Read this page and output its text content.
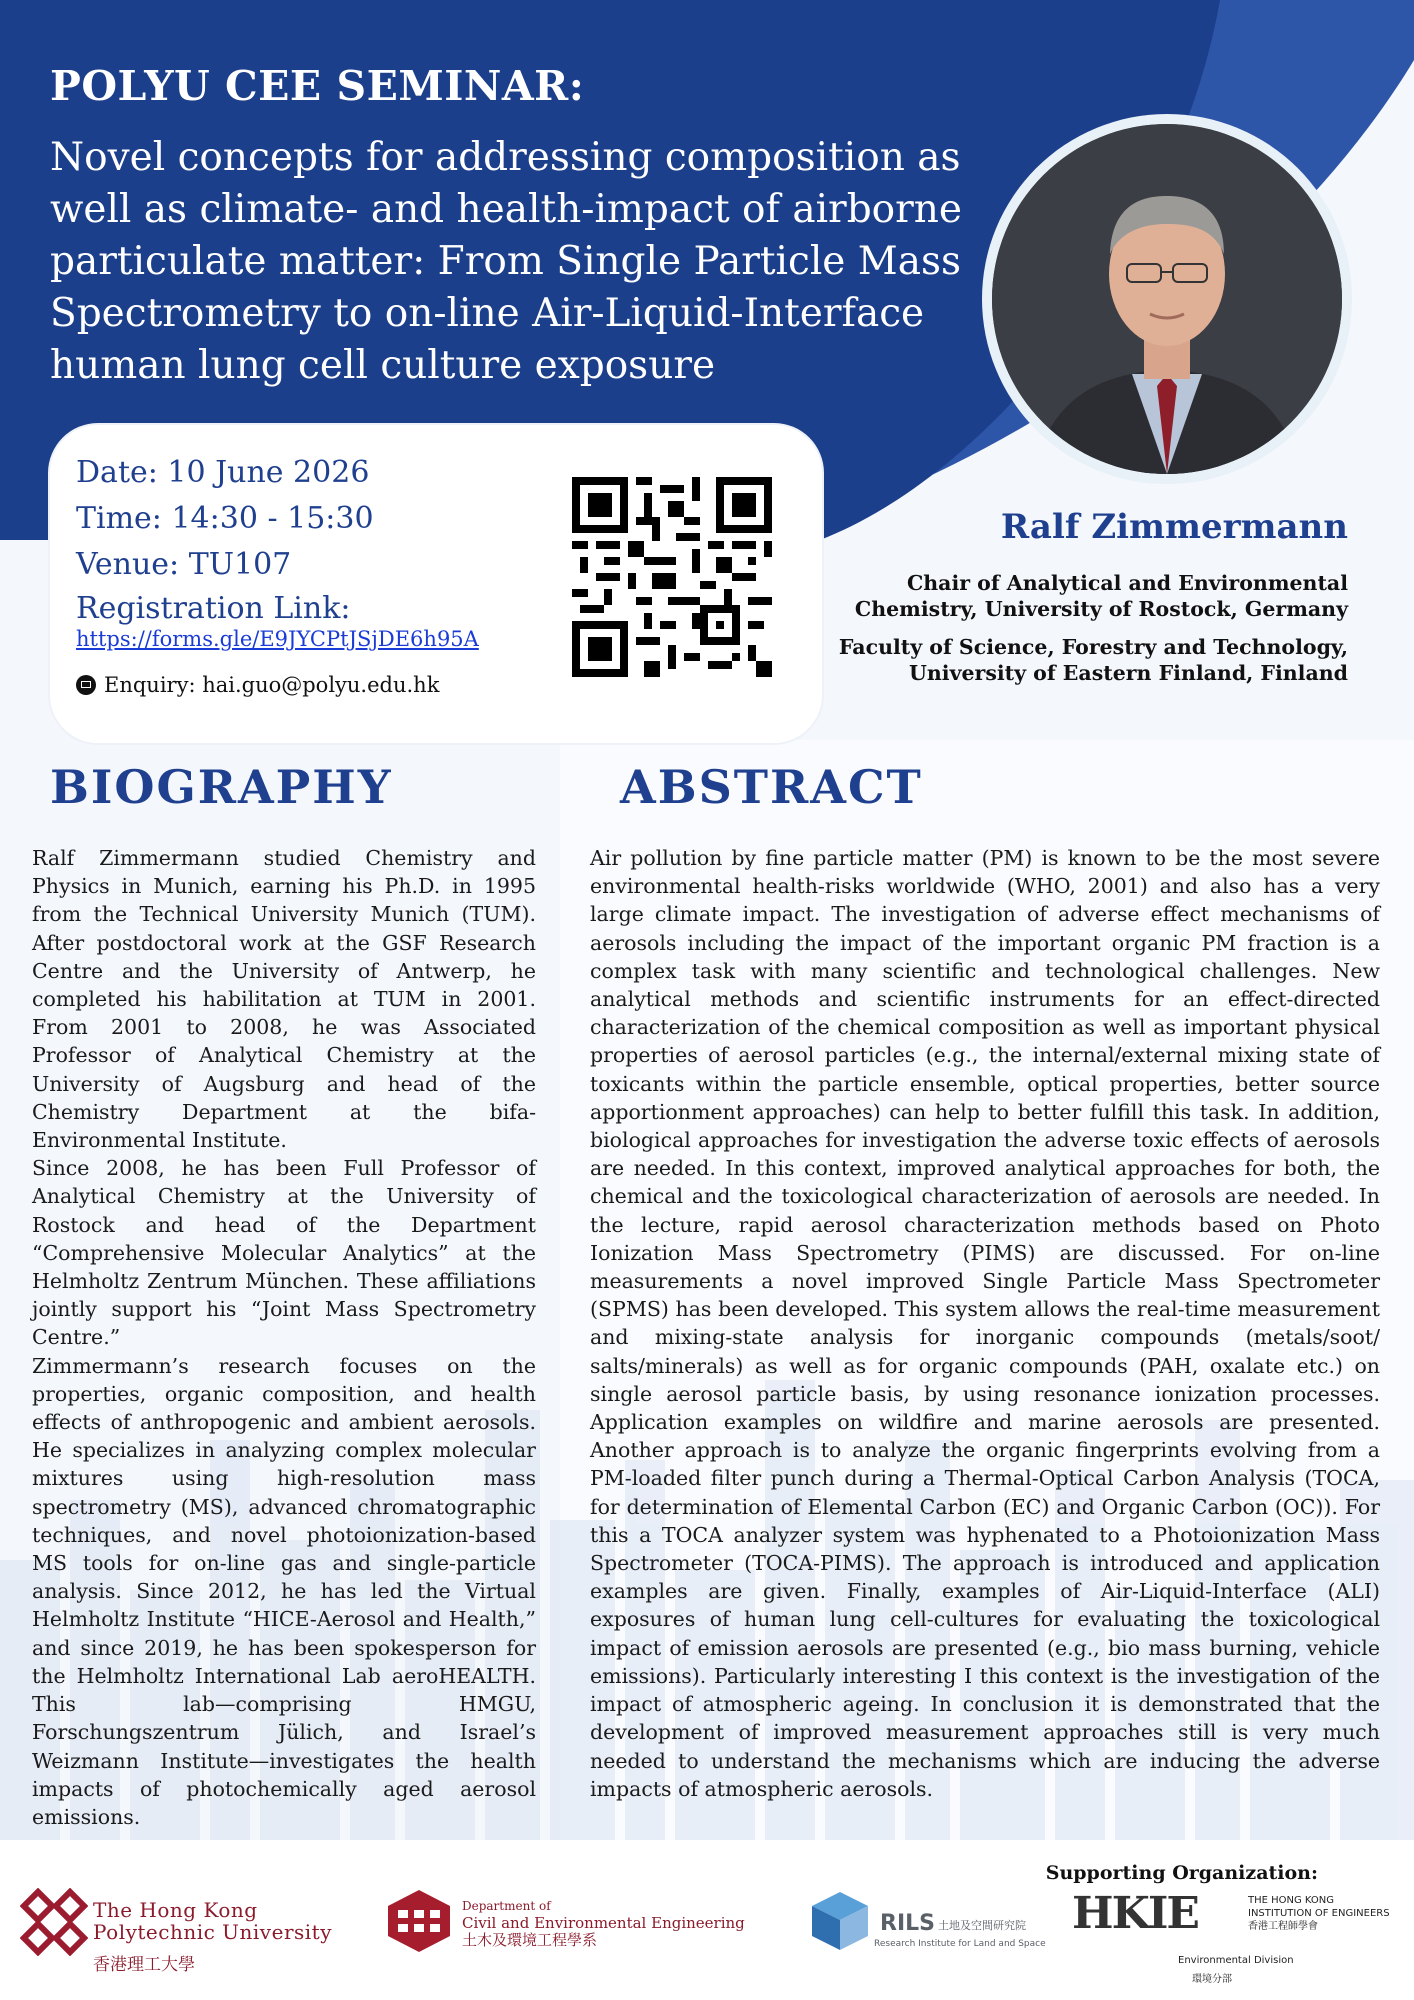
POLYU CEE SEMINAR:
Novel concepts for addressing composition as well as climate- and health-impact of airborne particulate matter: From Single Particle Mass Spectrometry to on-line Air-Liquid-Interface human lung cell culture exposure
Date: 10 June 2026
Time: 14:30 - 15:30
Venue: TU107
Registration Link:
https://forms.gle/E9JYCPtJSjDE6h95A
Enquiry: hai.guo@polyu.edu.hk
Ralf Zimmermann
Chair of Analytical and Environmental
Chemistry, University of Rostock, Germany
Faculty of Science, Forestry and Technology,
University of Eastern Finland, Finland
BIOGRAPHY	ABSTRACT

Ralf Zimmermann studied Chemistry and Physics in Munich, earning his Ph.D. in 1995 from the Technical University Munich (TUM). After postdoctoral work at the GSF Research Centre and the University of Antwerp, he completed his habilitation at TUM in 2001. From 2001 to 2008, he was Associated Professor of Analytical Chemistry at the University of Augsburg and head of the Chemistry Department at the bifa-Environmental Institute.

Since 2008, he has been Full Professor of Analytical Chemistry at the University of Rostock and head of the Department “Comprehensive Molecular Analytics” at the Helmholtz Zentrum München. These affiliations jointly support his “Joint Mass Spectrometry Centre.”

Zimmermann’s research focuses on the properties, organic composition, and health effects of anthropogenic and ambient aerosols. He specializes in analyzing complex molecular mixtures using high-resolution mass spectrometry (MS), advanced chromatographic techniques, and novel photoionization-based MS tools for on-line gas and single-particle analysis. Since 2012, he has led the Virtual Helmholtz Institute “HICE-Aerosol and Health,” and since 2019, he has been spokesperson for the Helmholtz International Lab aeroHEALTH. This lab—comprising HMGU, Forschungszentrum Jülich, and Israel’s Weizmann Institute—investigates the health impacts of photochemically aged aerosol emissions.

Air pollution by fine particle matter (PM) is known to be the most severe environmental health-risks worldwide (WHO, 2001) and also has a very large climate impact. The investigation of adverse effect mechanisms of aerosols including the impact of the important organic PM fraction is a complex task with many scientific and technological challenges. New analytical methods and scientific instruments for an effect-directed characterization of the chemical composition as well as important physical properties of aerosol particles (e.g., the internal/external mixing state of toxicants within the particle ensemble, optical properties, better source apportionment approaches) can help to better fulfill this task. In addition, biological approaches for investigation the adverse toxic effects of aerosols are needed. In this context, improved analytical approaches for both, the chemical and the toxicological characterization of aerosols are needed. In the lecture, rapid aerosol characterization methods based on Photo Ionization Mass Spectrometry (PIMS) are discussed. For on-line measurements a novel improved Single Particle Mass Spectrometer (SPMS) has been developed. This system allows the real-time measurement and mixing-state analysis for inorganic compounds (metals/soot/ salts/minerals) as well as for organic compounds (PAH, oxalate etc.) on single aerosol particle basis, by using resonance ionization processes. Application examples on wildfire and marine aerosols are presented. Another approach is to analyze the organic fingerprints evolving from a PM-loaded filter punch during a Thermal-Optical Carbon Analysis (TOCA, for determination of Elemental Carbon (EC) and Organic Carbon (OC)). For this a TOCA analyzer system was hyphenated to a Photoionization Mass Spectrometer (TOCA-PIMS). The approach is introduced and application examples are given. Finally, examples of Air-Liquid-Interface (ALI) exposures of human lung cell-cultures for evaluating the toxicological impact of emission aerosols are presented (e.g., bio mass burning, vehicle emissions). Particularly interesting I this context is the investigation of the impact of atmospheric ageing. In conclusion it is demonstrated that the development of improved measurement approaches still is very much needed to understand the mechanisms which are inducing the adverse impacts of atmospheric aerosols.

The Hong Kong
Polytechnic University
香港理工大學
Department of
Civil and Environmental Engineering
土木及環境工程學系
RILS 土地及空間研究院
Research Institute for Land and Space
Supporting Organization:
HKIE	THE HONG KONG
INSTITUTION OF ENGINEERS
香港工程師學會
Environmental Division
環境分部
